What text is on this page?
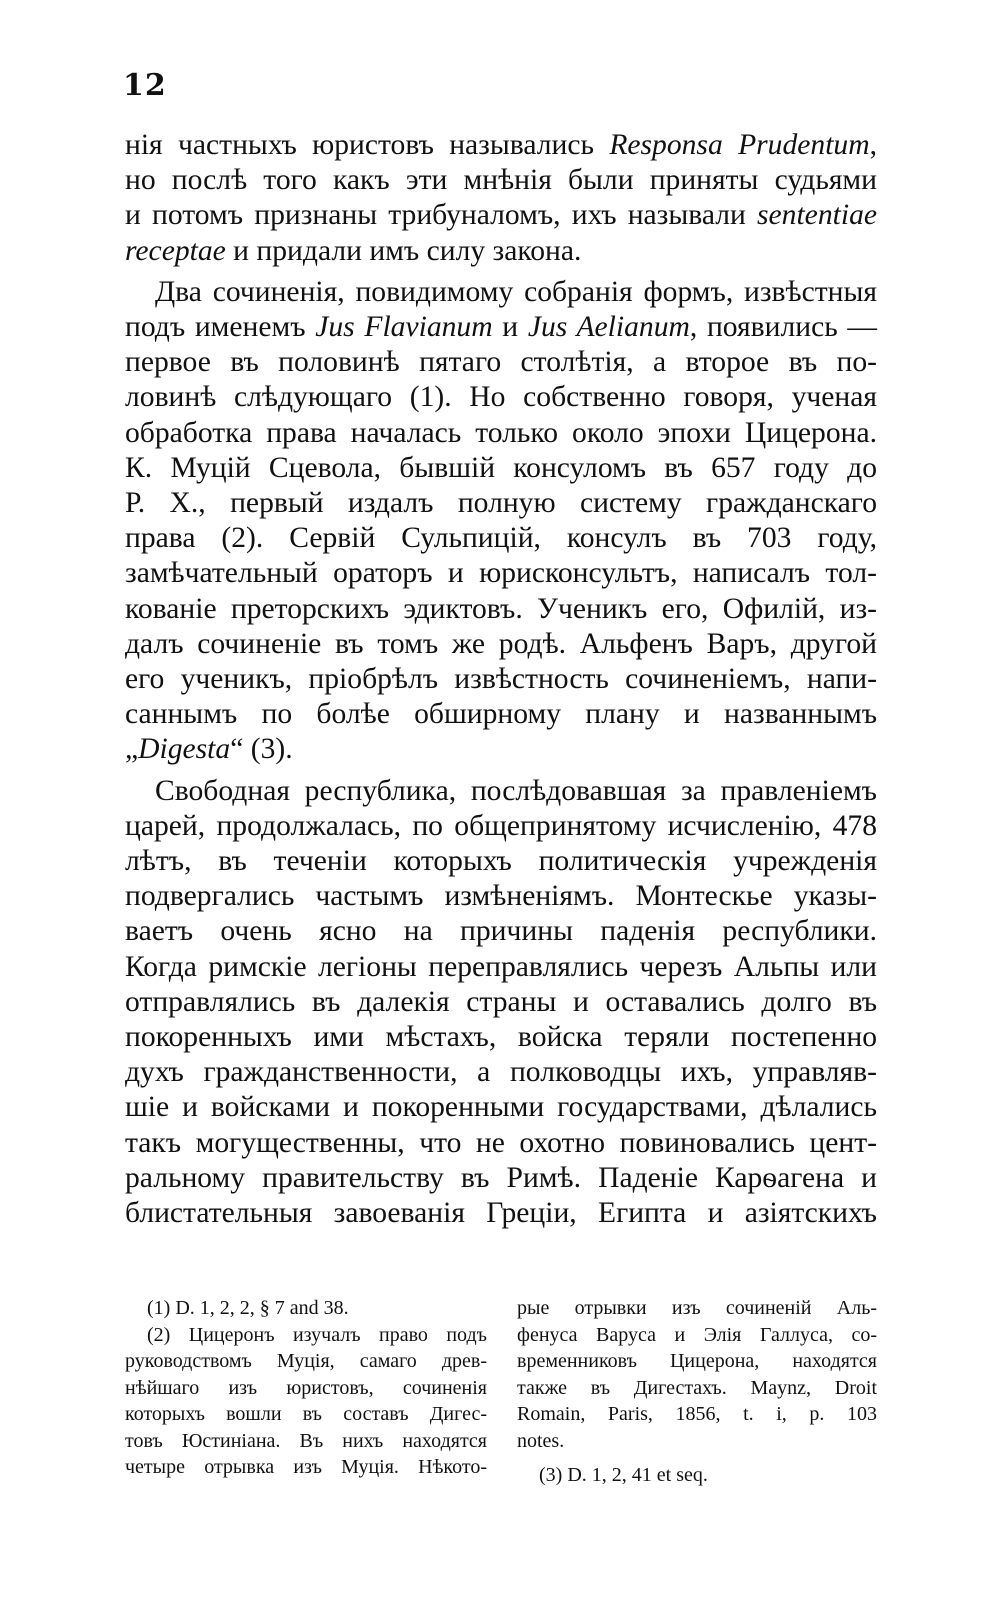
12
нія частныхъ юристовъ назывались Responsa Prudentum,
но послѣ того какъ эти мнѣнія были приняты судьями
и потомъ признаны трибуналомъ, ихъ называли sententiae
receptae и придали имъ силу закона.
Два сочиненія, повидимому собранія формъ, извѣстныя
подъ именемъ Jus Flavianum и Jus Aelianum, появились —
первое въ половинѣ пятаго столѣтія, а второе въ по-
ловинѣ слѣдующаго (1). Но собственно говоря, ученая
обработка права началась только около эпохи Цицерона.
К. Муцій Сцевола, бывшій консуломъ въ 657 году до
Р. Х., первый издалъ полную систему гражданскаго
права (2). Сервій Сульпицій, консулъ въ 703 году,
замѣчательный ораторъ и юрисконсультъ, написалъ тол-
кованіе преторскихъ эдиктовъ. Ученикъ его, Офилій, из-
далъ сочиненіе въ томъ же родѣ. Альфенъ Варъ, другой
его ученикъ, пріобрѣлъ извѣстность сочиненіемъ, напи-
саннымъ по болѣе обширному плану и названнымъ
„Digesta“ (3).
Свободная республика, послѣдовавшая за правленіемъ
царей, продолжалась, по общепринятому исчисленію, 478
лѣтъ, въ теченіи которыхъ политическія учрежденія
подвергались частымъ измѣненіямъ. Монтескье указы-
ваетъ очень ясно на причины паденія республики.
Когда римскіе легіоны переправлялись черезъ Альпы или
отправлялись въ далекія страны и оставались долго въ
покоренныхъ ими мѣстахъ, войска теряли постепенно
духъ гражданственности, а полководцы ихъ, управляв-
шіе и войсками и покоренными государствами, дѣлались
такъ могущественны, что не охотно повиновались цент-
ральному правительству въ Римѣ. Паденіе Карѳагена и
блистательныя завоеванія Греціи, Египта и азіятскихъ
(1) D. 1, 2, 2, § 7 and 38.
(2) Цицеронъ изучалъ право подъ
руководствомъ Муція, самаго древ-
нѣйшаго изъ юристовъ, сочиненія
которыхъ вошли въ составъ Дигес-
товъ Юстиніана. Въ нихъ находятся
четыре отрывка изъ Муція. Нѣкото-
рые отрывки изъ сочиненій Аль-
фенуса Варуса и Элія Галлуса, со-
временниковъ Цицерона, находятся
также въ Дигестахъ. Maynz, Droit
Romain, Paris, 1856, t. i, p. 103
notes.
(3) D. 1, 2, 41 et seq.
